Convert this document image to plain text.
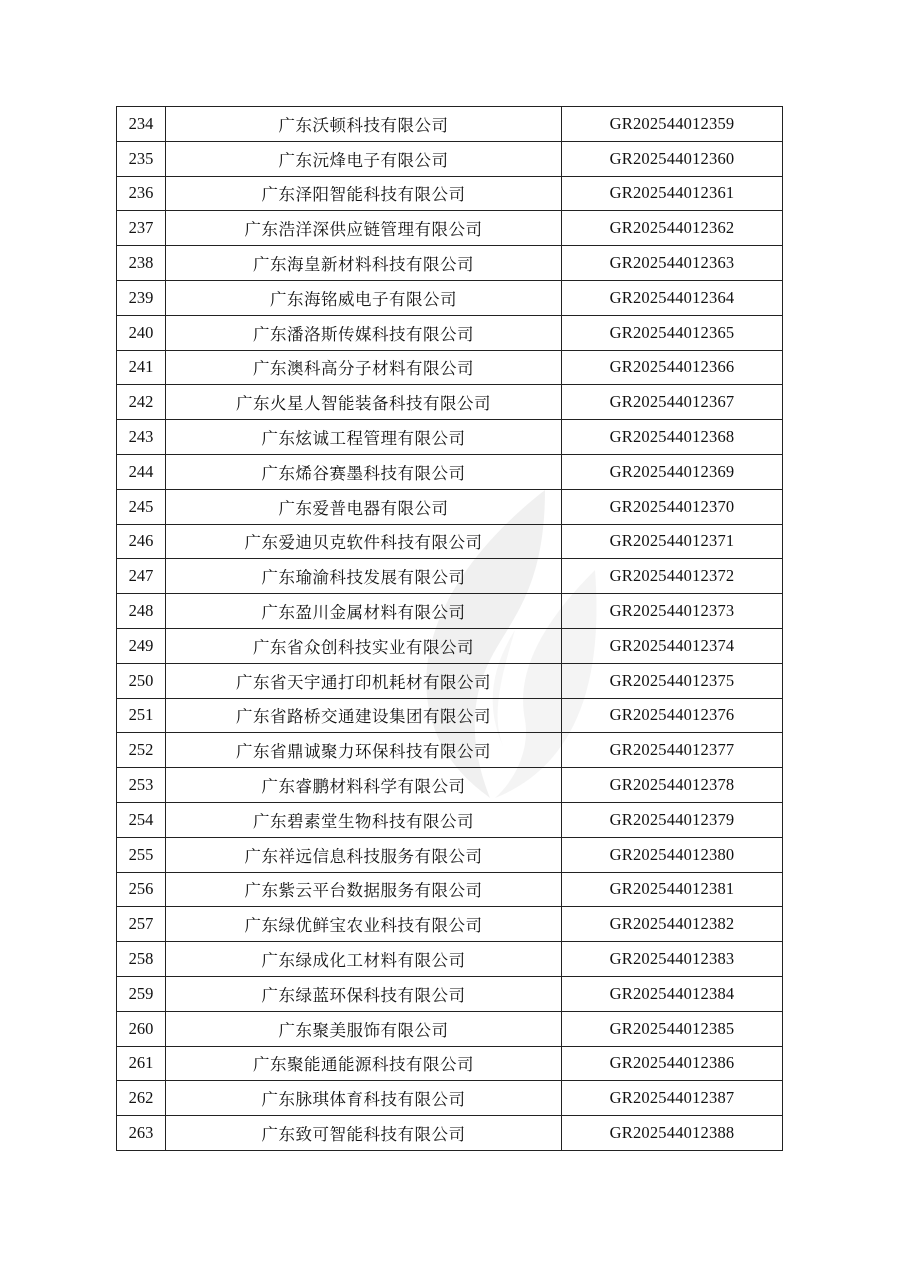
234	广东沃顿科技有限公司	GR202544012359
235	广东沅烽电子有限公司	GR202544012360
236	广东泽阳智能科技有限公司	GR202544012361
237	广东浩洋深供应链管理有限公司	GR202544012362
238	广东海皇新材料科技有限公司	GR202544012363
239	广东海铭威电子有限公司	GR202544012364
240	广东潘洛斯传媒科技有限公司	GR202544012365
241	广东澳科高分子材料有限公司	GR202544012366
242	广东火星人智能装备科技有限公司	GR202544012367
243	广东炫诚工程管理有限公司	GR202544012368
244	广东烯谷赛墨科技有限公司	GR202544012369
245	广东爱普电器有限公司	GR202544012370
246	广东爱迪贝克软件科技有限公司	GR202544012371
247	广东瑜渝科技发展有限公司	GR202544012372
248	广东盈川金属材料有限公司	GR202544012373
249	广东省众创科技实业有限公司	GR202544012374
250	广东省天宇通打印机耗材有限公司	GR202544012375
251	广东省路桥交通建设集团有限公司	GR202544012376
252	广东省鼎诚聚力环保科技有限公司	GR202544012377
253	广东睿鹏材料科学有限公司	GR202544012378
254	广东碧素堂生物科技有限公司	GR202544012379
255	广东祥远信息科技服务有限公司	GR202544012380
256	广东紫云平台数据服务有限公司	GR202544012381
257	广东绿优鲜宝农业科技有限公司	GR202544012382
258	广东绿成化工材料有限公司	GR202544012383
259	广东绿蓝环保科技有限公司	GR202544012384
260	广东聚美服饰有限公司	GR202544012385
261	广东聚能通能源科技有限公司	GR202544012386
262	广东脉琪体育科技有限公司	GR202544012387
263	广东致可智能科技有限公司	GR202544012388
